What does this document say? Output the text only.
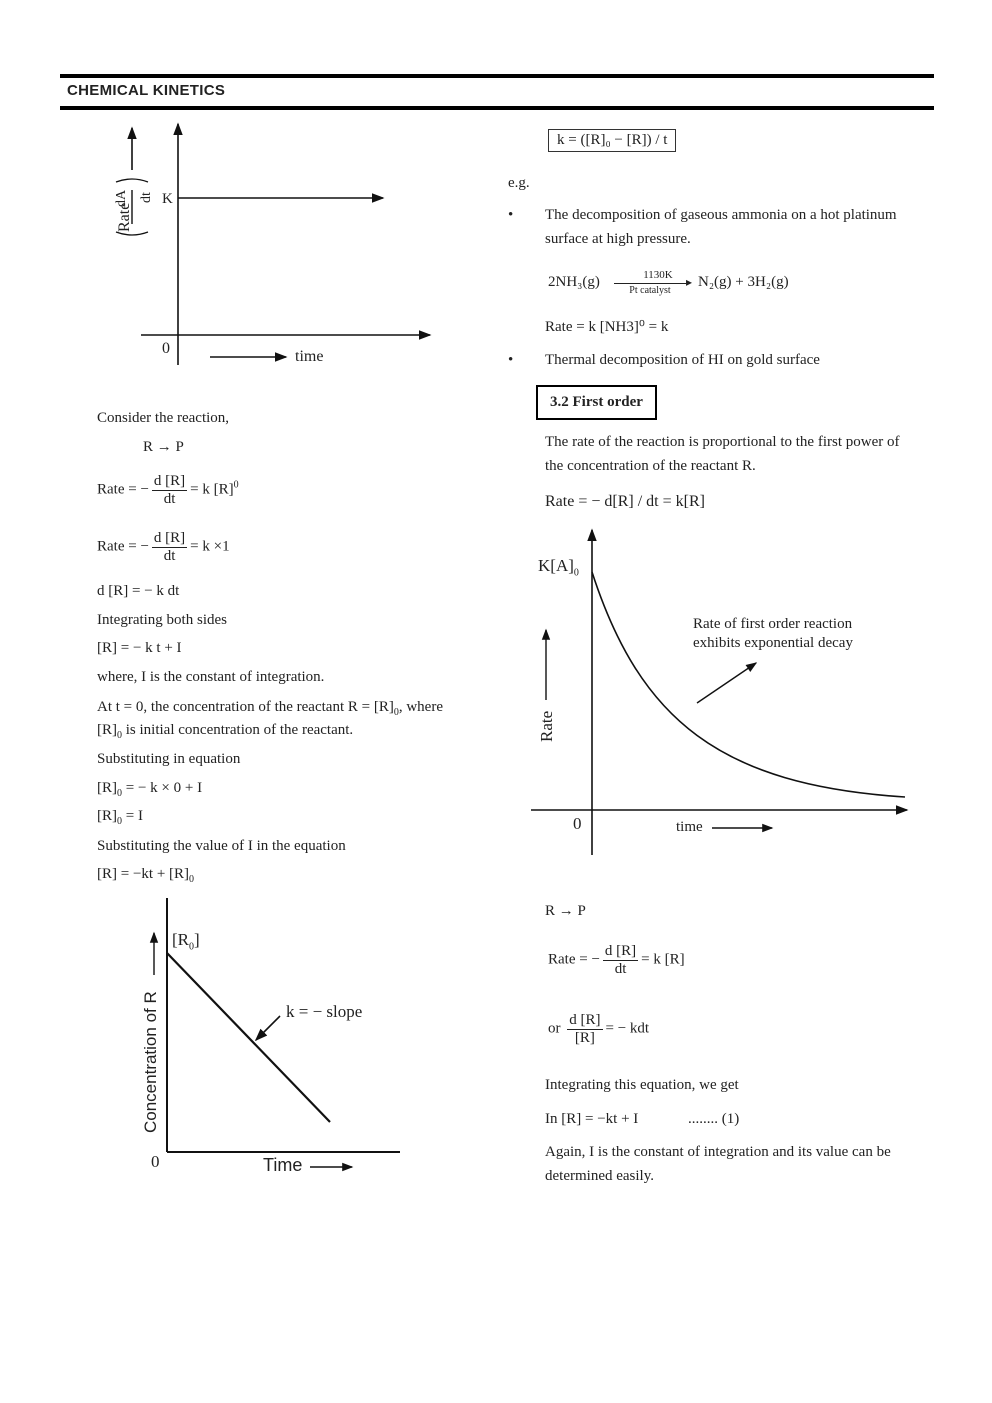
CHEMICAL KINETICS
Rate
dA dt K
0	time
Consider the reaction,
R → P
Rate = − $\frac{d [R]}{dt} = k$ $[R]^0$
Rate = − $\frac{d [R]}{dt} = k \times 1$
d [R] = − k dt
Integrating both sides
[R] = − k t + I
where, I is the constant of integration.
At t = 0, the concentration of the reactant $R = [R]_0$, where
$[R]_0$ is initial concentration of the reactant.
Substituting in equation
$[R]_0$ = − k × 0 + I
$[R]_0 = I$
Substituting the value of I in the equation
$[R] = -kt + [R]_0$
Concentration of R
$[R_0]$
k = − slope
0	Time
k = ([R]₀ − [R]) / t
e.g.
• The decomposition of gaseous ammonia on a hot platinum
surface at high pressure.
2NH₃(g)	1130K
Pt catalyst
▸ N₂(g) + 3H₂(g)
Rate = k [NH3]⁰ = k
• Thermal decomposition of HI on gold surface
3.2 First order
The rate of the reaction is proportional to the first power of
the concentration of the reactant R.
Rate = − d[R] / dt = k[R]
$K[A]_0$
Rate of first order reaction
exhibits exponential decay
Rate
0	time
R → P
Rate = − $\frac{d [R]}{dt} = k$ [R]
or $\frac{d [R]}{[R]}$ = − kdt
Integrating this equation, we get
In [R] = −kt + I	........ (1)
Again, I is the constant of integration and its value can be
determined easily.
